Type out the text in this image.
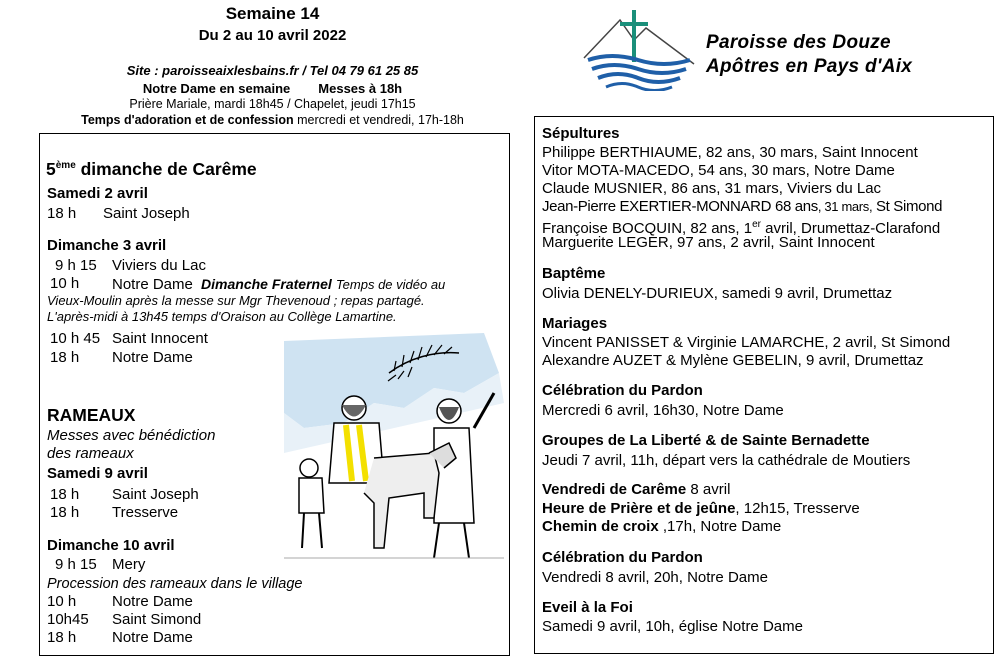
Semaine 14
Du 2 au 10 avril 2022
Site : paroisseaixlesbains.fr / Tel 04 79 61 25 85
Notre Dame en semaine Messes à 18h
Prière Mariale, mardi 18h45 / Chapelet, jeudi 17h15
Temps d'adoration et de confession mercredi et vendredi, 17h-18h
Paroisse des Douze
Apôtres en Pays d'Aix
5ème dimanche de Carême
Samedi 2 avril
18 h Saint Joseph
Dimanche 3 avril
9 h 15 Viviers du Lac
10 h Notre Dame Dimanche Fraternel Temps de vidéo au
Vieux-Moulin après la messe sur Mgr Thevenoud ; repas partagé.
L'après-midi à 13h45 temps d'Oraison au Collège Lamartine.
10 h 45 Saint Innocent
18 h Notre Dame
RAMEAUX
Messes avec bénédiction
des rameaux
Samedi 9 avril
18 h Saint Joseph
18 h Tresserve
Dimanche 10 avril
9 h 15 Mery
Procession des rameaux dans le village
10 h Notre Dame
10h45 Saint Simond
18 h Notre Dame
Sépultures
Philippe BERTHIAUME, 82 ans, 30 mars, Saint Innocent
Vitor MOTA-MACEDO, 54 ans, 30 mars, Notre Dame
Claude MUSNIER, 86 ans, 31 mars, Viviers du Lac
Jean-Pierre EXERTIER-MONNARD 68 ans, 31 mars, St Simond
Françoise BOCQUIN, 82 ans, 1er avril, Drumettaz-Clarafond
Marguerite LEGER, 97 ans, 2 avril, Saint Innocent
Baptême
Olivia DENELY-DURIEUX, samedi 9 avril, Drumettaz
Mariages
Vincent PANISSET & Virginie LAMARCHE, 2 avril, St Simond
Alexandre AUZET & Mylène GEBELIN, 9 avril, Drumettaz
Célébration du Pardon
Mercredi 6 avril, 16h30, Notre Dame
Groupes de La Liberté & de Sainte Bernadette
Jeudi 7 avril, 11h, départ vers la cathédrale de Moutiers
Vendredi de Carême 8 avril
Heure de Prière et de jeûne, 12h15, Tresserve
Chemin de croix ,17h, Notre Dame
Célébration du Pardon
Vendredi 8 avril, 20h, Notre Dame
Eveil à la Foi
Samedi 9 avril, 10h, église Notre Dame
